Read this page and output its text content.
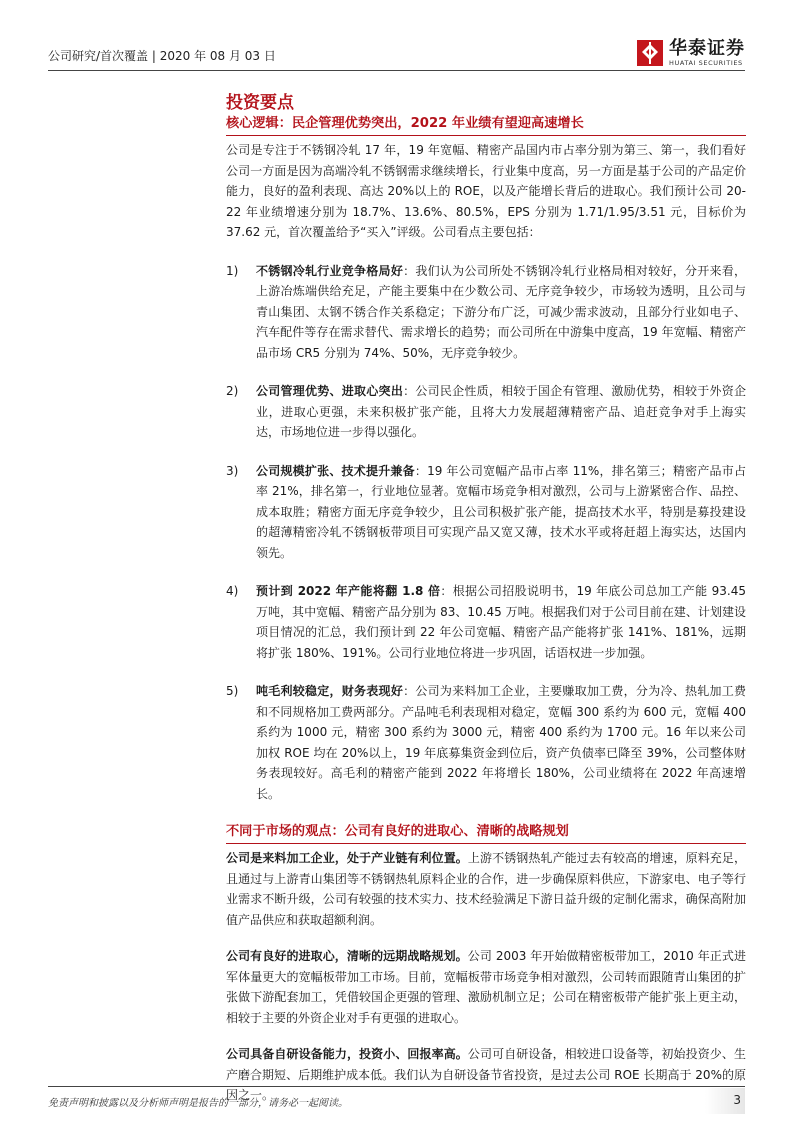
公司研究/首次覆盖 | 2020 年 08 月 03 日	华泰证券
HUATAI SECURITIES
投资要点
核心逻辑：民企管理优势突出，2022 年业绩有望迎高速增长

公司是专注于不锈钢冷轧 17 年，19 年宽幅、精密产品国内市占率分别为第三、第一，我们看好公司一方面是因为高端冷轧不锈钢需求继续增长，行业集中度高，另一方面是基于公司的产品定价能力，良好的盈利表现、高达 20%以上的 ROE，以及产能增长背后的进取心。我们预计公司 20-22 年业绩增速分别为 18.7%、13.6%、80.5%，EPS 分别为 1.71/1.95/3.51 元，目标价为 37.62 元，首次覆盖给予“买入”评级。公司看点主要包括：

1)	不锈钢冷轧行业竞争格局好：我们认为公司所处不锈钢冷轧行业格局相对较好，分开来看，上游冶炼端供给充足，产能主要集中在少数公司、无序竞争较少，市场较为透明，且公司与青山集团、太钢不锈合作关系稳定；下游分布广泛，可减少需求波动，且部分行业如电子、汽车配件等存在需求替代、需求增长的趋势；而公司所在中游集中度高，19 年宽幅、精密产品市场 CR5 分别为 74%、50%，无序竞争较少。
2)	公司管理优势、进取心突出：公司民企性质，相较于国企有管理、激励优势，相较于外资企业，进取心更强，未来积极扩张产能，且将大力发展超薄精密产品、追赶竞争对手上海实达，市场地位进一步得以强化。
3)	公司规模扩张、技术提升兼备：19 年公司宽幅产品市占率 11%，排名第三；精密产品市占率 21%，排名第一，行业地位显著。宽幅市场竞争相对激烈，公司与上游紧密合作、品控、成本取胜；精密方面无序竞争较少，且公司积极扩张产能，提高技术水平，特别是募投建设的超薄精密冷轧不锈钢板带项目可实现产品又宽又薄，技术水平或将赶超上海实达，达国内领先。
4)	预计到 2022 年产能将翻 1.8 倍：根据公司招股说明书，19 年底公司总加工产能 93.45 万吨，其中宽幅、精密产品分别为 83、10.45 万吨。根据我们对于公司目前在建、计划建设项目情况的汇总，我们预计到 22 年公司宽幅、精密产品产能将扩张 141%、181%，远期将扩张 180%、191%。公司行业地位将进一步巩固，话语权进一步加强。
5)	吨毛利较稳定，财务表现好：公司为来料加工企业，主要赚取加工费，分为冷、热轧加工费和不同规格加工费两部分。产品吨毛利表现相对稳定，宽幅 300 系约为 600 元，宽幅 400 系约为 1000 元，精密 300 系约为 3000 元，精密 400 系约为 1700 元。16 年以来公司加权 ROE 均在 20%以上，19 年底募集资金到位后，资产负债率已降至 39%，公司整体财务表现较好。高毛利的精密产能到 2022 年将增长 180%，公司业绩将在 2022 年高速增长。
不同于市场的观点：公司有良好的进取心、清晰的战略规划

公司是来料加工企业，处于产业链有利位置。上游不锈钢热轧产能过去有较高的增速，原料充足，且通过与上游青山集团等不锈钢热轧原料企业的合作，进一步确保原料供应，下游家电、电子等行业需求不断升级，公司有较强的技术实力、技术经验满足下游日益升级的定制化需求，确保高附加值产品供应和获取超额利润。

公司有良好的进取心，清晰的远期战略规划。公司 2003 年开始做精密板带加工，2010 年正式进军体量更大的宽幅板带加工市场。目前，宽幅板带市场竞争相对激烈，公司转而跟随青山集团的扩张做下游配套加工，凭借较国企更强的管理、激励机制立足；公司在精密板带产能扩张上更主动，相较于主要的外资企业对手有更强的进取心。

公司具备自研设备能力，投资小、回报率高。公司可自研设备，相较进口设备等，初始投资少、生产磨合期短、后期维护成本低。我们认为自研设备节省投资，是过去公司 ROE 长期高于 20%的原因之一。

免责声明和披露以及分析师声明是报告的一部分，请务必一起阅读。	3
